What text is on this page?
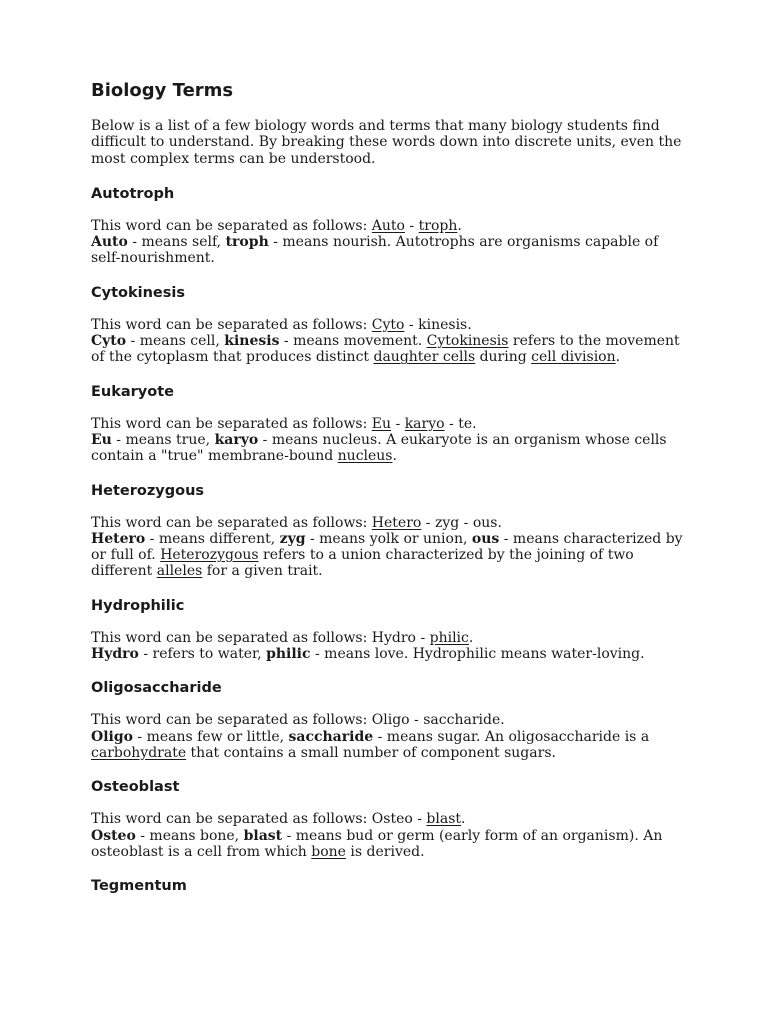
Biology Terms

Below is a list of a few biology words and terms that many biology students find difficult to understand. By breaking these words down into discrete units, even the most complex terms can be understood.

Autotroph

This word can be separated as follows: Auto - troph.
Auto - means self, troph - means nourish. Autotrophs are organisms capable of self-nourishment.

Cytokinesis

This word can be separated as follows: Cyto - kinesis.
Cyto - means cell, kinesis - means movement. Cytokinesis refers to the movement of the cytoplasm that produces distinct daughter cells during cell division.

Eukaryote

This word can be separated as follows: Eu - karyo - te.
Eu - means true, karyo - means nucleus. A eukaryote is an organism whose cells contain a "true" membrane-bound nucleus.

Heterozygous

This word can be separated as follows: Hetero - zyg - ous.
Hetero - means different, zyg - means yolk or union, ous - means characterized by or full of. Heterozygous refers to a union characterized by the joining of two different alleles for a given trait.

Hydrophilic

This word can be separated as follows: Hydro - philic.
Hydro - refers to water, philic - means love. Hydrophilic means water-loving.

Oligosaccharide

This word can be separated as follows: Oligo - saccharide.
Oligo - means few or little, saccharide - means sugar. An oligosaccharide is a carbohydrate that contains a small number of component sugars.

Osteoblast

This word can be separated as follows: Osteo - blast.
Osteo - means bone, blast - means bud or germ (early form of an organism). An osteoblast is a cell from which bone is derived.

Tegmentum
